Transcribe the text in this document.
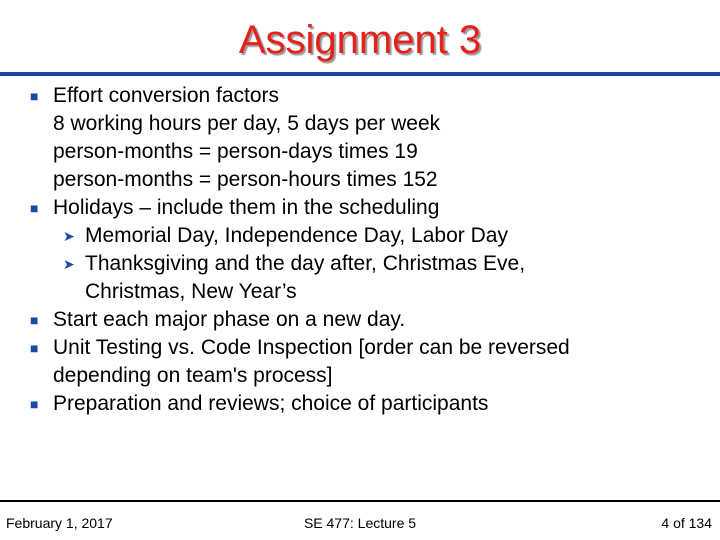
Assignment 3
■ Effort conversion factors
8 working hours per day, 5 days per week
person-months = person-days times 19
person-months = person-hours times 152
■ Holidays – include them in the scheduling
➤ Memorial Day, Independence Day, Labor Day
➤ Thanksgiving and the day after, Christmas Eve,
Christmas, New Year’s
■ Start each major phase on a new day.
■ Unit Testing vs. Code Inspection [order can be reversed
depending on team's process]
■ Preparation and reviews; choice of participants
February 1, 2017	SE 477: Lecture 5	4 of 134
